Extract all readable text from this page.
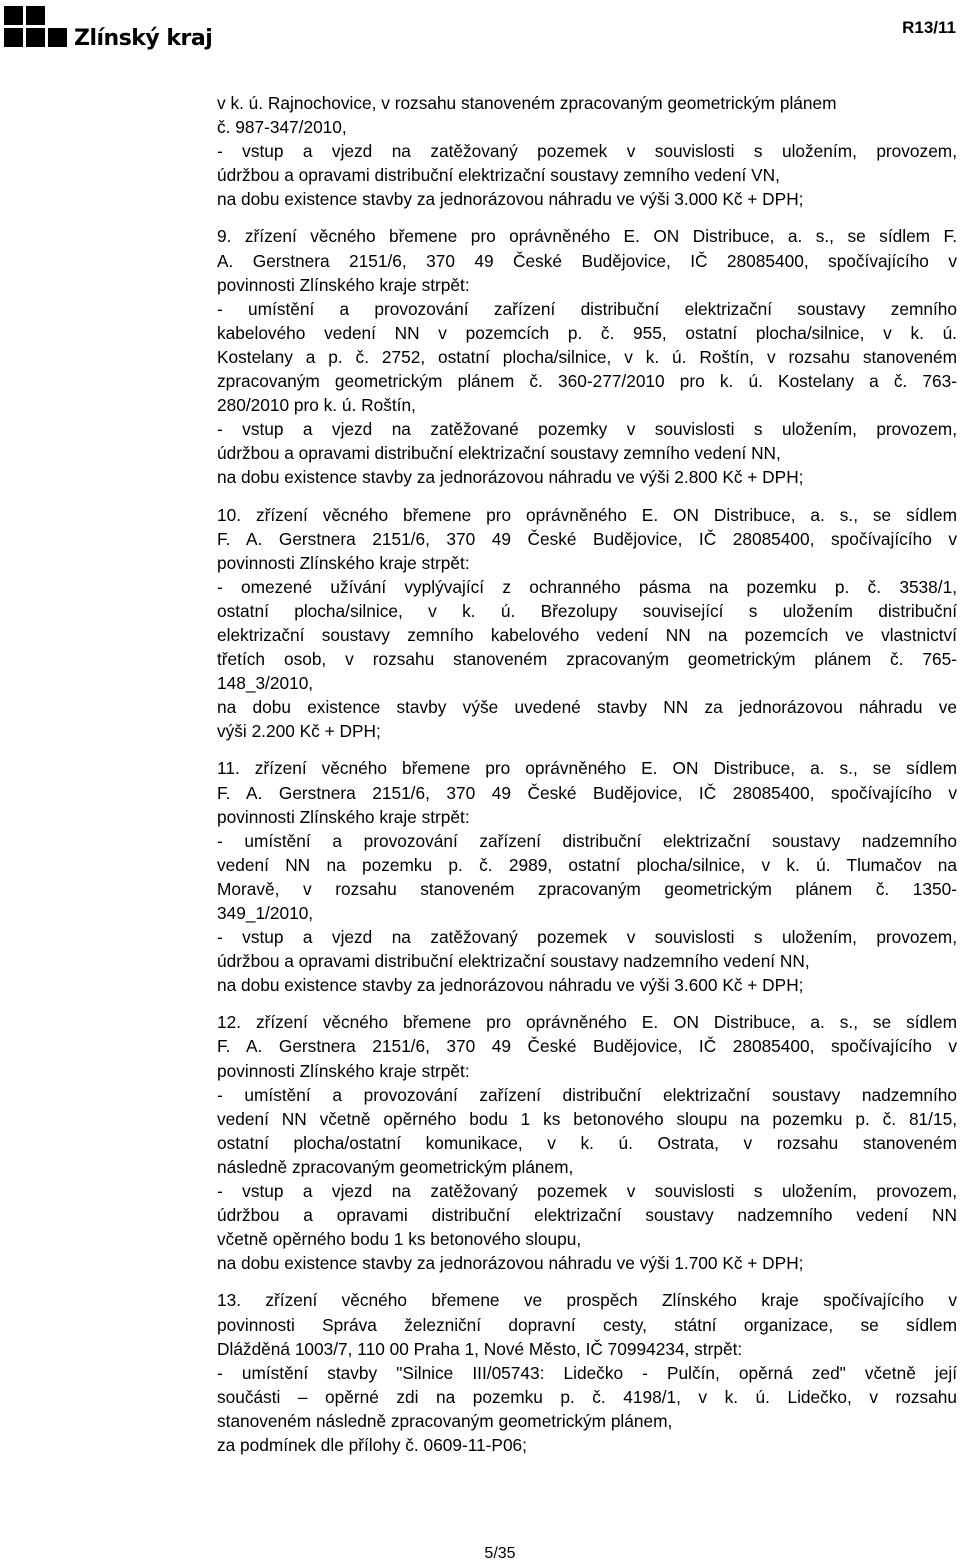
Zlínský kraj	R13/11
v k. ú. Rajnochovice, v rozsahu stanoveném zpracovaným geometrickým plánem
č. 987-347/2010,
- vstup a vjezd na zatěžovaný pozemek v souvislosti s uložením, provozem,
údržbou a opravami distribuční elektrizační soustavy zemního vedení VN,
na dobu existence stavby za jednorázovou náhradu ve výši 3.000 Kč + DPH;
9. zřízení věcného břemene pro oprávněného E. ON Distribuce, a. s., se sídlem F.
A. Gerstnera 2151/6, 370 49 České Budějovice, IČ 28085400, spočívajícího v
povinnosti Zlínského kraje strpět:
- umístění a provozování zařízení distribuční elektrizační soustavy zemního
kabelového vedení NN v pozemcích p. č. 955, ostatní plocha/silnice, v k. ú.
Kostelany a p. č. 2752, ostatní plocha/silnice, v k. ú. Roštín, v rozsahu stanoveném
zpracovaným geometrickým plánem č. 360-277/2010 pro k. ú. Kostelany a č. 763-
280/2010 pro k. ú. Roštín,
- vstup a vjezd na zatěžované pozemky v souvislosti s uložením, provozem,
údržbou a opravami distribuční elektrizační soustavy zemního vedení NN,
na dobu existence stavby za jednorázovou náhradu ve výši 2.800 Kč + DPH;
10. zřízení věcného břemene pro oprávněného E. ON Distribuce, a. s., se sídlem
F. A. Gerstnera 2151/6, 370 49 České Budějovice, IČ 28085400, spočívajícího v
povinnosti Zlínského kraje strpět:
- omezené užívání vyplývající z ochranného pásma na pozemku p. č. 3538/1,
ostatní plocha/silnice, v k. ú. Březolupy související s uložením distribuční
elektrizační soustavy zemního kabelového vedení NN na pozemcích ve vlastnictví
třetích osob, v rozsahu stanoveném zpracovaným geometrickým plánem č. 765-
148_3/2010,
na dobu existence stavby výše uvedené stavby NN za jednorázovou náhradu ve
výši 2.200 Kč + DPH;
11. zřízení věcného břemene pro oprávněného E. ON Distribuce, a. s., se sídlem
F. A. Gerstnera 2151/6, 370 49 České Budějovice, IČ 28085400, spočívajícího v
povinnosti Zlínského kraje strpět:
- umístění a provozování zařízení distribuční elektrizační soustavy nadzemního
vedení NN na pozemku p. č. 2989, ostatní plocha/silnice, v k. ú. Tlumačov na
Moravě, v rozsahu stanoveném zpracovaným geometrickým plánem č. 1350-
349_1/2010,
- vstup a vjezd na zatěžovaný pozemek v souvislosti s uložením, provozem,
údržbou a opravami distribuční elektrizační soustavy nadzemního vedení NN,
na dobu existence stavby za jednorázovou náhradu ve výši 3.600 Kč + DPH;
12. zřízení věcného břemene pro oprávněného E. ON Distribuce, a. s., se sídlem
F. A. Gerstnera 2151/6, 370 49 České Budějovice, IČ 28085400, spočívajícího v
povinnosti Zlínského kraje strpět:
- umístění a provozování zařízení distribuční elektrizační soustavy nadzemního
vedení NN včetně opěrného bodu 1 ks betonového sloupu na pozemku p. č. 81/15,
ostatní plocha/ostatní komunikace, v k. ú. Ostrata, v rozsahu stanoveném
následně zpracovaným geometrickým plánem,
- vstup a vjezd na zatěžovaný pozemek v souvislosti s uložením, provozem,
údržbou a opravami distribuční elektrizační soustavy nadzemního vedení NN
včetně opěrného bodu 1 ks betonového sloupu,
na dobu existence stavby za jednorázovou náhradu ve výši 1.700 Kč + DPH;
13. zřízení věcného břemene ve prospěch Zlínského kraje spočívajícího v
povinnosti Správa železniční dopravní cesty, státní organizace, se sídlem
Dlážděná 1003/7, 110 00 Praha 1, Nové Město, IČ 70994234, strpět:
- umístění stavby "Silnice III/05743: Lidečko - Pulčín, opěrná zed" včetně její
součásti – opěrné zdi na pozemku p. č. 4198/1, v k. ú. Lidečko, v rozsahu
stanoveném následně zpracovaným geometrickým plánem,
za podmínek dle přílohy č. 0609-11-P06;
5/35
